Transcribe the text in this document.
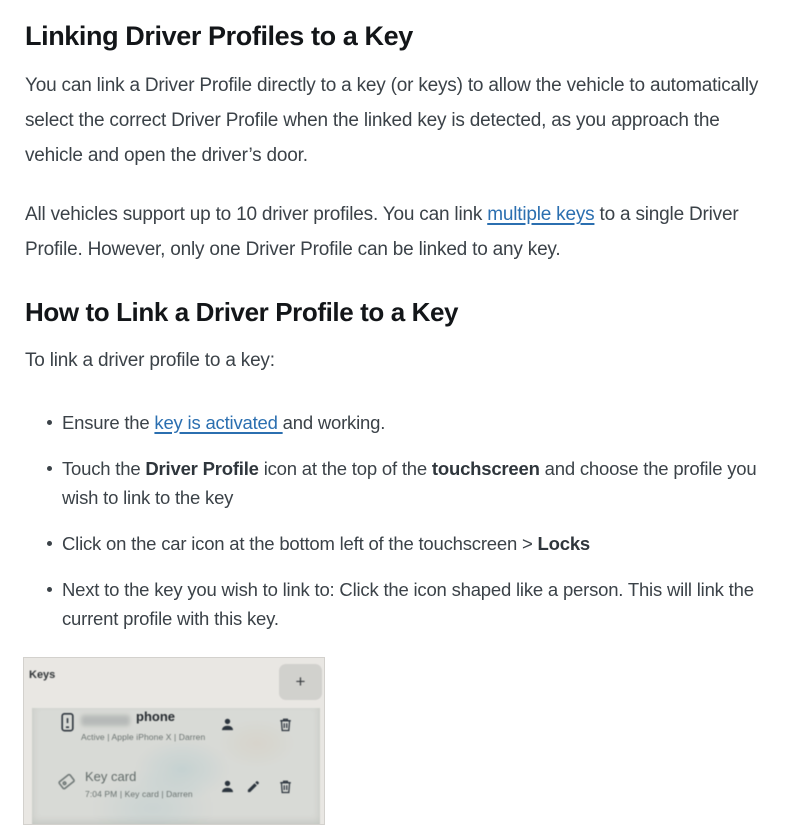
Linking Driver Profiles to a Key

You can link a Driver Profile directly to a key (or keys) to allow the vehicle to automatically select the correct Driver Profile when the linked key is detected, as you approach the vehicle and open the driver’s door.

All vehicles support up to 10 driver profiles. You can link multiple keys to a single Driver Profile. However, only one Driver Profile can be linked to any key.

How to Link a Driver Profile to a Key

To link a driver profile to a key:

Ensure the key is activated and working.
Touch the Driver Profile icon at the top of the touchscreen and choose the profile you wish to link to the key
Click on the car icon at the bottom left of the touchscreen > Locks
Next to the key you wish to link to: Click the icon shaped like a person. This will link the current profile with this key.
Keys	+
phone
Active | Apple iPhone X | Darren
Key card
7:04 PM | Key card | Darren
